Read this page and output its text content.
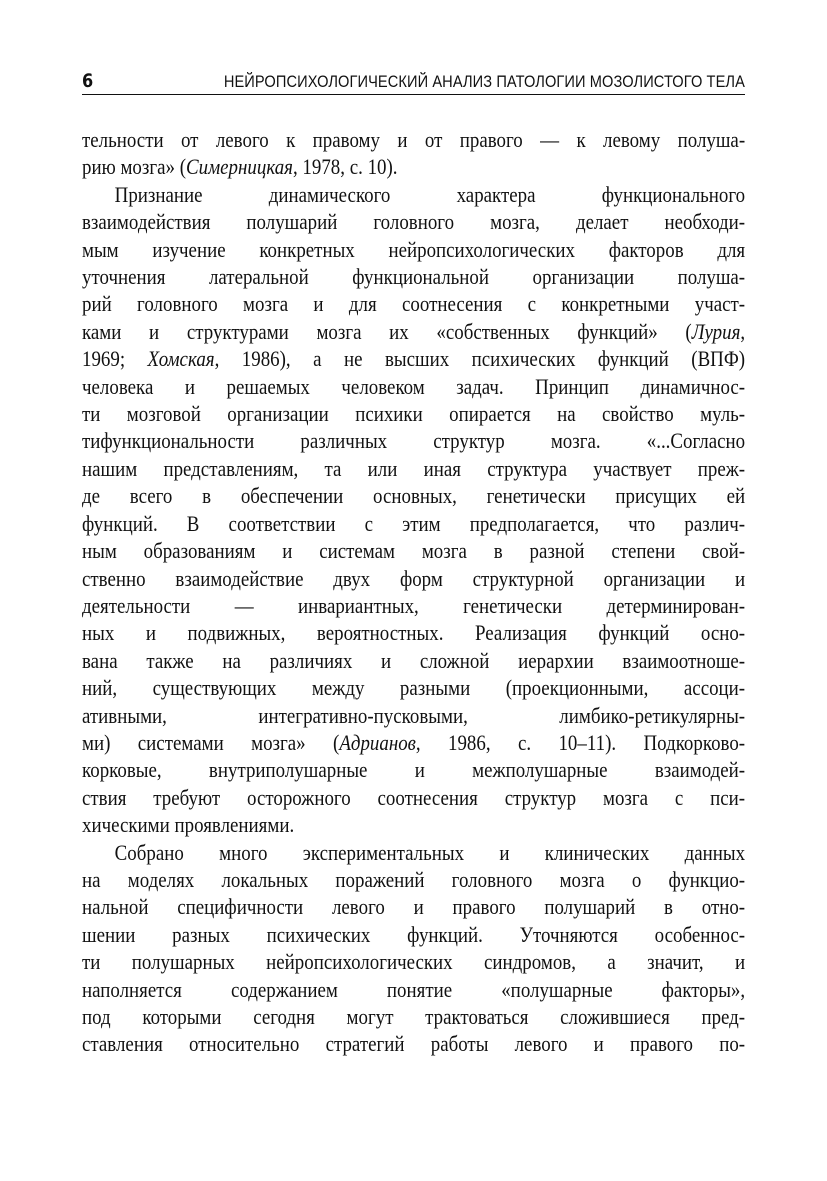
6	НЕЙРОПСИХОЛОГИЧЕСКИЙ АНАЛИЗ ПАТОЛОГИИ МОЗОЛИСТОГО ТЕЛА

тельности от левого к правому и от правого — к левому полуша-
рию мозга» (Симерницкая, 1978, с. 10).

Признание динамического характера функционального
взаимодействия полушарий головного мозга, делает необходи-
мым изучение конкретных нейропсихологических факторов для
уточнения латеральной функциональной организации полуша-
рий головного мозга и для соотнесения с конкретными участ-
ками и структурами мозга их «собственных функций» (Лурия,
1969; Хомская, 1986), а не высших психических функций (ВПФ)
человека и решаемых человеком задач. Принцип динамичнос-
ти мозговой организации психики опирается на свойство муль-
тифункциональности различных структур мозга. «...Согласно
нашим представлениям, та или иная структура участвует преж-
де всего в обеспечении основных, генетически присущих ей
функций. В соответствии с этим предполагается, что различ-
ным образованиям и системам мозга в разной степени свой-
ственно взаимодействие двух форм структурной организации и
деятельности — инвариантных, генетически детерминирован-
ных и подвижных, вероятностных. Реализация функций осно-
вана также на различиях и сложной иерархии взаимоотноше-
ний, существующих между разными (проекционными, ассоци-
ативными, интегративно-пусковыми, лимбико-ретикулярны-
ми) системами мозга» (Адрианов, 1986, с. 10–11). Подкорково-
корковые, внутриполушарные и межполушарные взаимодей-
ствия требуют осторожного соотнесения структур мозга с пси-
хическими проявлениями.

Собрано много экспериментальных и клинических данных
на моделях локальных поражений головного мозга о функцио-
нальной специфичности левого и правого полушарий в отно-
шении разных психических функций. Уточняются особеннос-
ти полушарных нейропсихологических синдромов, а значит, и
наполняется содержанием понятие «полушарные факторы»,
под которыми сегодня могут трактоваться сложившиеся пред-
ставления относительно стратегий работы левого и правого по-
